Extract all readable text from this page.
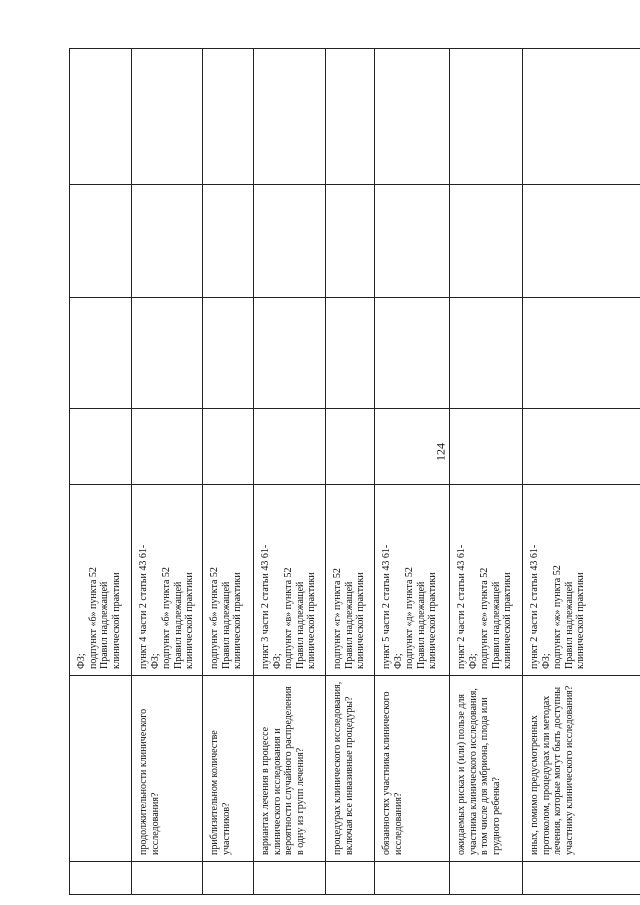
124

		ФЗ; подпункт «б» пункта 52 Правил надлежащей клинической практики				

	продолжительности клинического исследования?	пункт 4 части 2 статьи 43 61- ФЗ; подпункт «б» пункта 52 Правил надлежащей клинической практики				

	приблизительном количестве участников?	подпункт «б» пункта 52 Правил надлежащей клинической практики				

	вариантах лечения в процессе клинического исследования и вероятности случайного распределения в одну из групп лечения?	пункт 3 части 2 статьи 43 61- ФЗ; подпункт «в» пункта 52 Правил надлежащей клинической практики				

	процедурах клинического исследования, включая все инвазивные процедуры?	подпункт «г» пункта 52 Правил надлежащей клинической практики				

	обязанностях участника клинического исследования?	пункт 5 части 2 статьи 43 61- ФЗ; подпункт «д» пункта 52 Правил надлежащей клинической практики				

	ожидаемых рисках и (или) пользе для участника клинического исследования, в том числе для эмбриона, плода или грудного ребенка?	пункт 2 части 2 статьи 43 61- ФЗ; подпункт «е» пункта 52 Правил надлежащей клинической практики				

	иных, помимо предусмотренных протоколом, процедурах или методах лечения, которые могут быть доступны участнику клинического исследования?	пункт 2 части 2 статьи 43 61- ФЗ; подпункт «ж» пункта 52 Правил надлежащей клинической практики				
